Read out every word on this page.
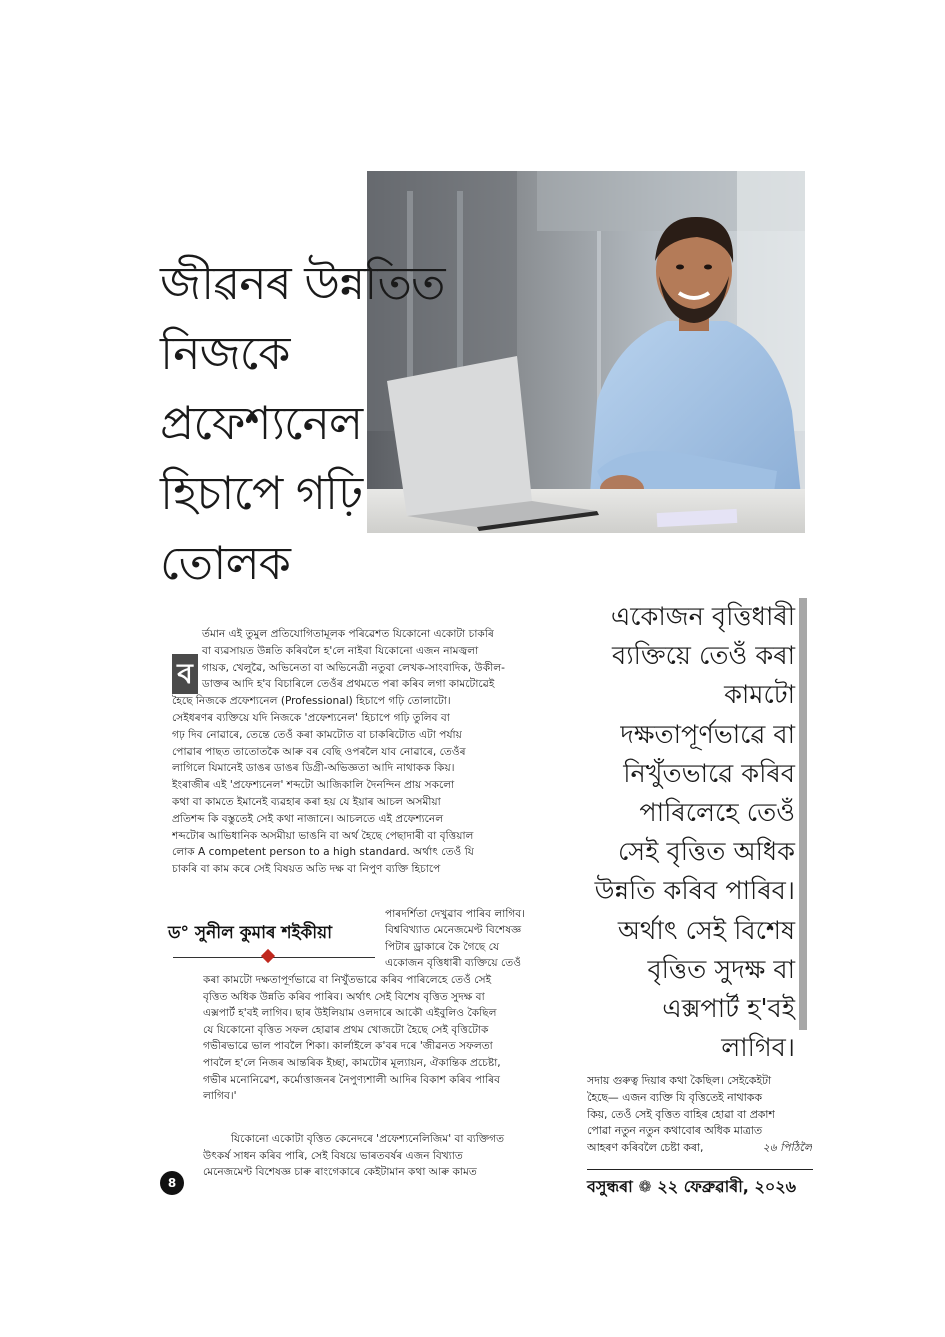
জীৱনৰ উন্নতিত
নিজকে
প্ৰফেশ্যনেল
হিচাপে গঢ়ি
তোলক
একোজন বৃত্তিধাৰী
ব্যক্তিয়ে তেওঁ কৰা
কামটো
দক্ষতাপূৰ্ণভাৱে বা
নিখুঁতভাৱে কৰিব
পাৰিলেহে তেওঁ
সেই বৃত্তিত অধিক
উন্নতি কৰিব পাৰিব।
অৰ্থাৎ সেই বিশেষ
বৃত্তিত সুদক্ষ বা
এক্সপাৰ্ট হ'বই
লাগিব।
ব
র্তমান এই তুমুল প্ৰতিযোগিতামূলক পৰিৱেশত যিকোনো একোটা চাকৰি
বা ব্যৱসায়ত উন্নতি কৰিবলৈ হ'লে নাইবা যিকোনো এজন নামজ্বলা
গায়ক, খেলুৱৈ, অভিনেতা বা অভিনেত্ৰী নতুবা লেখক-সাংবাদিক, উকীল-
ডাক্তৰ আদি হ'ব বিচাৰিলে তেওঁৰ প্ৰথমতে পৰা কৰিব লগা কামটোৱেই
হৈছে নিজকে প্ৰফেশ্যনেল (Professional) হিচাপে গঢ়ি তোলাটো।
সেইধৰণৰ ব্যক্তিয়ে যদি নিজকে 'প্ৰফেশ্যনেল' হিচাপে গঢ়ি তুলিব বা
গঢ় দিব নোৱাৰে, তেন্তে তেওঁ কৰা কামটোত বা চাকৰিটোত এটা পৰ্যায়
পোৱাৰ পাছত তাতোতকৈ আৰু বৰ বেছি ওপৰলৈ যাব নোৱাৰে, তেওঁৰ
লাগিলে যিমানেই ডাঙৰ ডাঙৰ ডিগ্ৰী-অভিজ্ঞতা আদি নাথাকক কিয়।
ইংৰাজীৰ এই 'প্ৰফেশ্যনেল' শব্দটো আজিকালি দৈনন্দিন প্ৰায় সকলো
কথা বা কামতে ইমানেই ব্যৱহাৰ কৰা হয় যে ইয়াৰ আচল অসমীয়া
প্ৰতিশব্দ কি বস্তুতেই সেই কথা নাজানে। আচলতে এই প্ৰফেশ্যনেল
শব্দটোৰ আভিধানিক অসমীয়া ভাঙনি বা অৰ্থ হৈছে পেছাদাৰী বা বৃত্তিয়াল
লোক A competent person to a high standard. অৰ্থাৎ তেওঁ যি
চাকৰি বা কাম কৰে সেই বিষয়ত অতি দক্ষ বা নিপুণ ব্যক্তি হিচাপে
পাৰদৰ্শিতা দেখুৱাব পাৰিব লাগিব।
বিশ্ববিখ্যাত মেনেজমেণ্ট বিশেষজ্ঞ
পিটাৰ ড্ৰাকাৰে কৈ গৈছে যে
একোজন বৃত্তিধাৰী ব্যক্তিয়ে তেওঁ
ড° সুনীল কুমাৰ শইকীয়া
কৰা কামটো দক্ষতাপূৰ্ণভাৱে বা নিখুঁতভাৱে কৰিব পাৰিলেহে তেওঁ সেই
বৃত্তিত অধিক উন্নতি কৰিব পাৰিব। অৰ্থাৎ সেই বিশেষ বৃত্তিত সুদক্ষ বা
এক্সপাৰ্ট হ'বই লাগিব। ছাৰ উইলিয়াম ওলদাৰে আকৌ এইবুলিও কৈছিল
যে যিকোনো বৃত্তিত সফল হোৱাৰ প্ৰথম খোজটো হৈছে সেই বৃত্তিটোক
গভীৰভাৱে ভাল পাবলৈ শিকা। কাৰ্লাইলে ক'বৰ দৰে 'জীৱনত সফলতা
পাবলৈ হ'লে নিজৰ আন্তৰিক ইচ্ছা, কামটোৰ মূল্যায়ন, ঐকান্তিক প্ৰচেষ্টা,
গভীৰ মনোনিৱেশ, কৰ্মোত্তাজনৰ নৈপুণ্যশালী আদিৰ বিকাশ কৰিব পাৰিব
লাগিব।'
যিকোনো একোটা বৃত্তিত কেনেদৰে 'প্ৰফেশ্যনেলিজিম' বা ব্যক্তিগত
উৎকৰ্ষ সাধন কৰিব পাৰি, সেই বিষয়ে ভাৰতবৰ্ষৰ এজন বিখ্যাত
মেনেজমেণ্ট বিশেষজ্ঞ চাৰু ৰাংগেকাৰে কেইটামান কথা আৰু কামত
সদায় গুৰুত্ব দিয়াৰ কথা কৈছিল। সেইকেইটা
হৈছে— এজন ব্যক্তি যি বৃত্তিতেই নাথাকক
কিয়, তেওঁ সেই বৃত্তিত বাহিৰ হোৱা বা প্ৰকাশ
পোৱা নতুন নতুন কথাবোৰ অধিক মাত্ৰাত
আহৰণ কৰিবলৈ চেষ্টা কৰা,	২৬ পিঠিলৈ
8	বসুন্ধৰা ❁ ২২ ফেব্ৰুৱাৰী, ২০২৬
